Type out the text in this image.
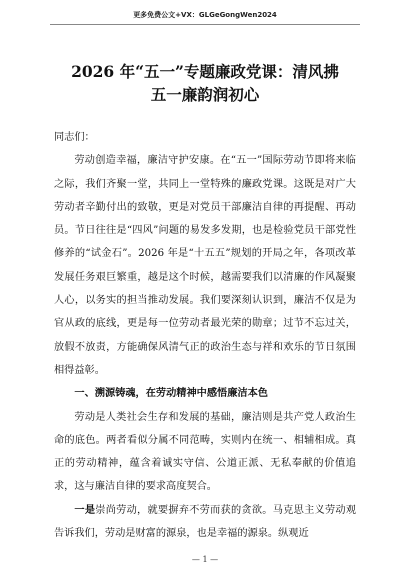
更多免费公文+VX：GLGeGongWen2024
2026 年“五一”专题廉政党课：清风拂
五一廉韵润初心

同志们：

劳动创造幸福，廉洁守护安康。在“五一”国际劳动节即将来临之际，我们齐聚一堂，共同上一堂特殊的廉政党课。这既是对广大劳动者辛勤付出的致敬，更是对党员干部廉洁自律的再提醒、再动员。节日往往是“四风”问题的易发多发期，也是检验党员干部党性修养的“试金石”。2026 年是“十五五”规划的开局之年，各项改革发展任务艰巨繁重，越是这个时候，越需要我们以清廉的作风凝聚人心，以务实的担当推动发展。我们要深刻认识到，廉洁不仅是为官从政的底线，更是每一位劳动者最光荣的勋章；过节不忘过关，放假不放责，方能确保风清气正的政治生态与祥和欢乐的节日氛围相得益彰。

一、溯源铸魂，在劳动精神中感悟廉洁本色

劳动是人类社会生存和发展的基础，廉洁则是共产党人政治生命的底色。两者看似分属不同范畴，实则内在统一、相辅相成。真正的劳动精神，蕴含着诚实守信、公道正派、无私奉献的价值追求，这与廉洁自律的要求高度契合。

一是崇尚劳动，就要摒弃不劳而获的贪欲。马克思主义劳动观告诉我们，劳动是财富的源泉，也是幸福的源泉。纵观近

— 1 —
